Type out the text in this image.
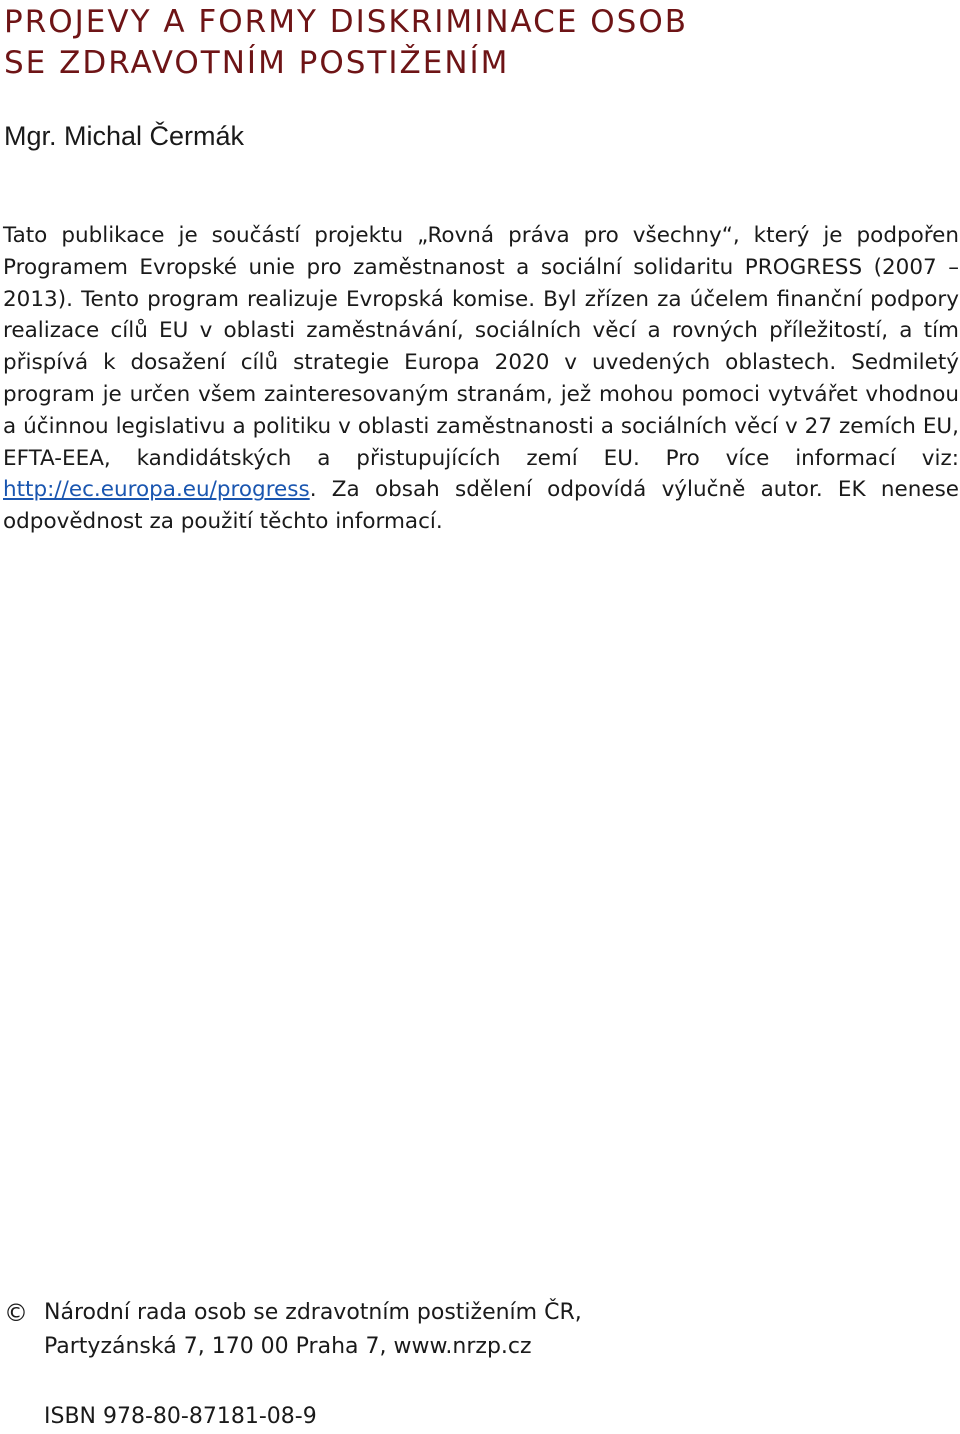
PROJEVY A FORMY DISKRIMINACE OSOB
SE ZDRAVOTNÍM POSTIŽENÍM
Mgr. Michal Čermák

Tato publikace je součástí projektu „Rovná práva pro všechny“, který je podpořen Programem Evropské unie pro zaměstnanost a sociální solidaritu PROGRESS (2007 – 2013). Tento program realizuje Evropská komise. Byl zřízen za účelem finanční podpory realizace cílů EU v oblasti zaměstnávání, sociálních věcí a rovných příležitostí, a tím přispívá k dosažení cílů strategie Europa 2020 v uvedených oblastech. Sedmiletý program je určen všem zainteresovaným stranám, jež mohou pomoci vytvářet vhodnou a účinnou legislativu a politiku v oblasti zaměstnanosti a sociálních věcí v 27 zemích EU, EFTA-EEA, kandidátských a přistupujících zemí EU. Pro více informací viz: http://ec.europa.eu/progress. Za obsah sdělení odpovídá výlučně autor. EK nenese odpovědnost za použití těchto informací.

© Národní rada osob se zdravotním postižením ČR,
Partyzánská 7, 170 00 Praha 7, www.nrzp.cz
ISBN 978-80-87181-08-9
